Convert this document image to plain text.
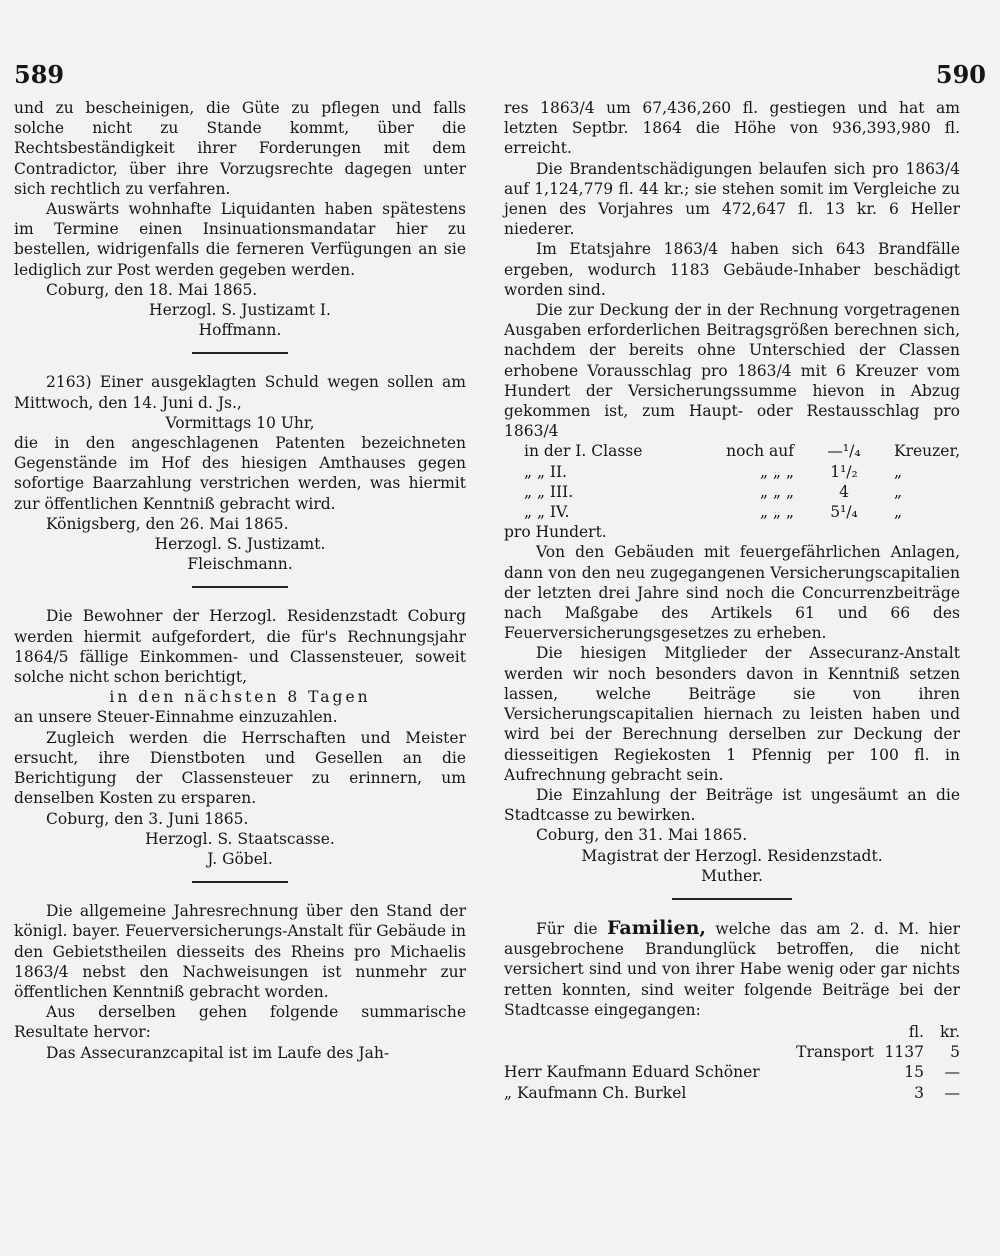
589	590

und zu bescheinigen, die Güte zu pflegen und falls solche nicht zu Stande kommt, über die Rechtsbeständigkeit ihrer Forderungen mit dem Contradictor, über ihre Vorzugsrechte dagegen unter sich rechtlich zu verfahren.

Auswärts wohnhafte Liquidanten haben spätestens im Termine einen Insinuationsmandatar hier zu bestellen, widrigenfalls die ferneren Verfügungen an sie lediglich zur Post werden gegeben werden.

Coburg, den 18. Mai 1865.

Herzogl. S. Justizamt I.

Hoffmann.

2163) Einer ausgeklagten Schuld wegen sollen am Mittwoch, den 14. Juni d. Js.,

Vormittags 10 Uhr,

die in den angeschlagenen Patenten bezeichneten Gegenstände im Hof des hiesigen Amthauses gegen sofortige Baarzahlung verstrichen werden, was hiermit zur öffentlichen Kenntniß gebracht wird.

Königsberg, den 26. Mai 1865.

Herzogl. S. Justizamt.

Fleischmann.

Die Bewohner der Herzogl. Residenzstadt Coburg werden hiermit aufgefordert, die für's Rechnungsjahr 1864/5 fällige Einkommen- und Classensteuer, soweit solche nicht schon berichtigt,

in den nächsten 8 Tagen

an unsere Steuer-Einnahme einzuzahlen.

Zugleich werden die Herrschaften und Meister ersucht, ihre Dienstboten und Gesellen an die Berichtigung der Classensteuer zu erinnern, um denselben Kosten zu ersparen.

Coburg, den 3. Juni 1865.

Herzogl. S. Staatscasse.

J. Göbel.

Die allgemeine Jahresrechnung über den Stand der königl. bayer. Feuerversicherungs-Anstalt für Gebäude in den Gebietstheilen diesseits des Rheins pro Michaelis 1863/4 nebst den Nachweisungen ist nunmehr zur öffentlichen Kenntniß gebracht worden.

Aus derselben gehen folgende summarische Resultate hervor:

Das Assecuranzcapital ist im Laufe des Jah-

res 1863/4 um 67,436,260 fl. gestiegen und hat am letzten Septbr. 1864 die Höhe von 936,393,980 fl. erreicht.

Die Brandentschädigungen belaufen sich pro 1863/4 auf 1,124,779 fl. 44 kr.; sie stehen somit im Vergleiche zu jenen des Vorjahres um 472,647 fl. 13 kr. 6 Heller niederer.

Im Etatsjahre 1863/4 haben sich 643 Brandfälle ergeben, wodurch 1183 Gebäude-Inhaber beschädigt worden sind.

Die zur Deckung der in der Rechnung vorgetragenen Ausgaben erforderlichen Beitragsgrößen berechnen sich, nachdem der bereits ohne Unterschied der Classen erhobene Vorausschlag pro 1863/4 mit 6 Kreuzer vom Hundert der Versicherungssumme hievon in Abzug gekommen ist, zum Haupt- oder Restausschlag pro 1863/4

in der I. Classe	noch auf	—¹/₄	Kreuzer,
„ „ II.	„ „ „	1¹/₂	„
„ „ III.	„ „ „	4	„
„ „ IV.	„ „ „	5¹/₄	„

pro Hundert.

Von den Gebäuden mit feuergefährlichen Anlagen, dann von den neu zugegangenen Versicherungscapitalien der letzten drei Jahre sind noch die Concurrenzbeiträge nach Maßgabe des Artikels 61 und 66 des Feuerversicherungsgesetzes zu erheben.

Die hiesigen Mitglieder der Assecuranz-Anstalt werden wir noch besonders davon in Kenntniß setzen lassen, welche Beiträge sie von ihren Versicherungscapitalien hiernach zu leisten haben und wird bei der Berechnung derselben zur Deckung der diesseitigen Regiekosten 1 Pfennig per 100 fl. in Aufrechnung gebracht sein.

Die Einzahlung der Beiträge ist ungesäumt an die Stadtcasse zu bewirken.

Coburg, den 31. Mai 1865.

Magistrat der Herzogl. Residenzstadt.

Muther.

Für die Familien, welche das am 2. d. M. hier ausgebrochene Brandunglück betroffen, die nicht versichert sind und von ihrer Habe wenig oder gar nichts retten konnten, sind weiter folgende Beiträge bei der Stadtcasse eingegangen:

fl.	kr.
Transport 1137	5
Herr Kaufmann Eduard Schöner	15	—
„ Kaufmann Ch. Burkel	3	—
